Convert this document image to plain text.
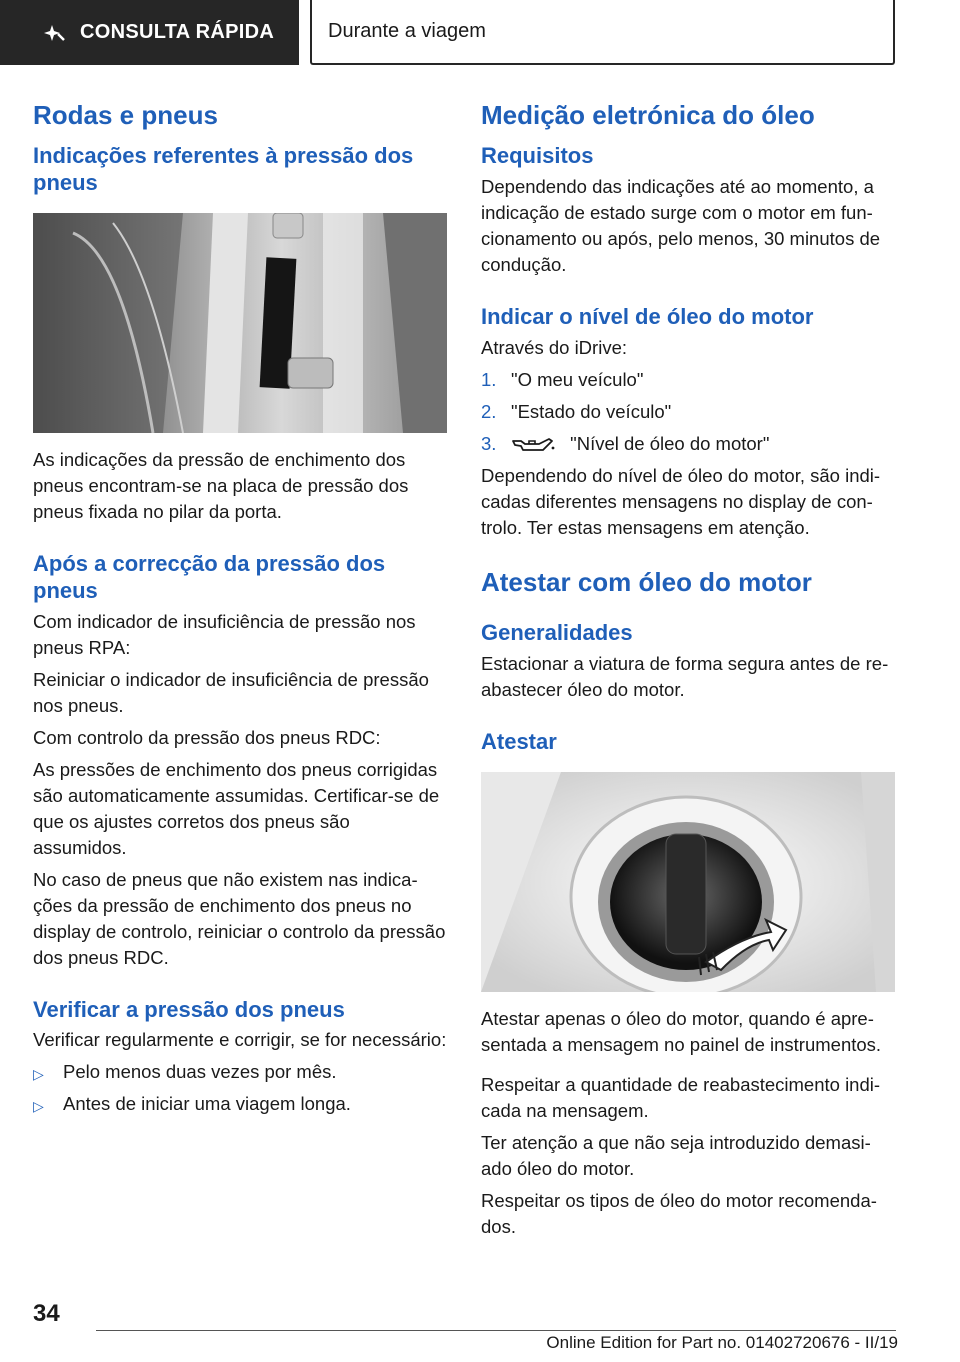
CONSULTA RÁPIDA	Durante a viagem
Rodas e pneus
Indicações referentes à pressão dos pneus

As indicações da pressão de enchimento dos pneus encontram-se na placa de pressão dos pneus fixada no pilar da porta.

Após a correcção da pressão dos pneus

Com indicador de insuficiência de pressão nos pneus RPA:

Reiniciar o indicador de insuficiência de pressão nos pneus.

Com controlo da pressão dos pneus RDC:

As pressões de enchimento dos pneus corrigidas são automaticamente assumidas. Certificar-se de que os ajustes corretos dos pneus são assumidos.

No caso de pneus que não existem nas indicações da pressão de enchimento dos pneus no display de controlo, reiniciar o controlo da pressão dos pneus RDC.

Verificar a pressão dos pneus

Verificar regularmente e corrigir, se for necessário:

▷ Pelo menos duas vezes por mês.
▷ Antes de iniciar uma viagem longa.
Medição eletrónica do óleo
Requisitos

Dependendo das indicações até ao momento, a indicação de estado surge com o motor em funcionamento ou após, pelo menos, 30 minutos de condução.

Indicar o nível de óleo do motor

Através do iDrive:

1. "O meu veículo"
2. "Estado do veículo"
3.	"Nível de óleo do motor"

Dependendo do nível de óleo do motor, são indicadas diferentes mensagens no display de controlo. Ter estas mensagens em atenção.

Atestar com óleo do motor
Generalidades

Estacionar a viatura de forma segura antes de reabastecer óleo do motor.

Atestar

Atestar apenas o óleo do motor, quando é apresentada a mensagem no painel de instrumentos.

Respeitar a quantidade de reabastecimento indicada na mensagem.

Ter atenção a que não seja introduzido demasiado óleo do motor.

Respeitar os tipos de óleo do motor recomendados.

34
Online Edition for Part no. 01402720676 - II/19
